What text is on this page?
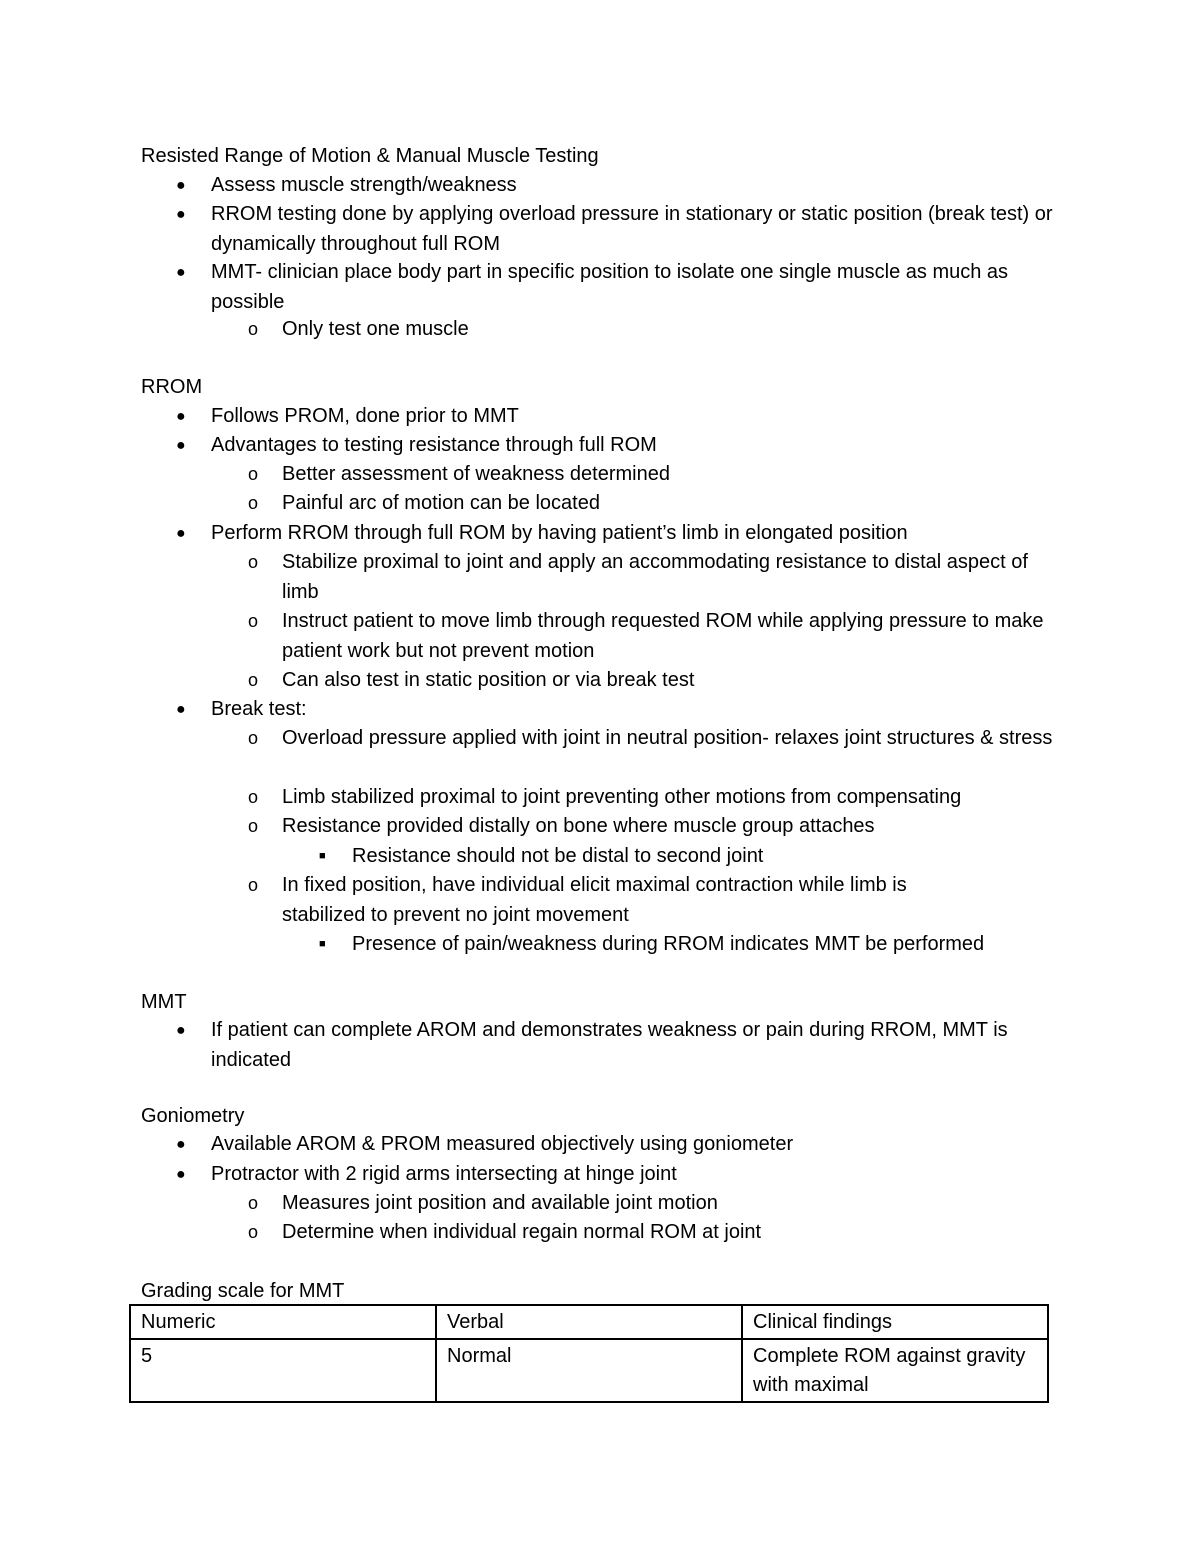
Resisted Range of Motion & Manual Muscle Testing
● Assess muscle strength/weakness
● RROM testing done by applying overload pressure in stationary or static position (break test) or dynamically throughout full ROM
● MMT- clinician place body part in specific position to isolate one single muscle as much as possible
o Only test one muscle
RROM
● Follows PROM, done prior to MMT
● Advantages to testing resistance through full ROM
o Better assessment of weakness determined
o Painful arc of motion can be located
● Perform RROM through full ROM by having patient’s limb in elongated position
o Stabilize proximal to joint and apply an accommodating resistance to distal aspect of limb
o Instruct patient to move limb through requested ROM while applying pressure to make patient work but not prevent motion
o Can also test in static position or via break test
● Break test:
o Overload pressure applied with joint in neutral position- relaxes joint structures & stress
o Limb stabilized proximal to joint preventing other motions from compensating
o Resistance provided distally on bone where muscle group attaches
■ Resistance should not be distal to second joint
o In fixed position, have individual elicit maximal contraction while limb is stabilized to prevent no joint movement
■ Presence of pain/weakness during RROM indicates MMT be performed
MMT
● If patient can complete AROM and demonstrates weakness or pain during RROM, MMT is indicated
Goniometry
● Available AROM & PROM measured objectively using goniometer
● Protractor with 2 rigid arms intersecting at hinge joint
o Measures joint position and available joint motion
o Determine when individual regain normal ROM at joint
Grading scale for MMT
Numeric	Verbal	Clinical findings
5	Normal	Complete ROM against gravity with maximal
